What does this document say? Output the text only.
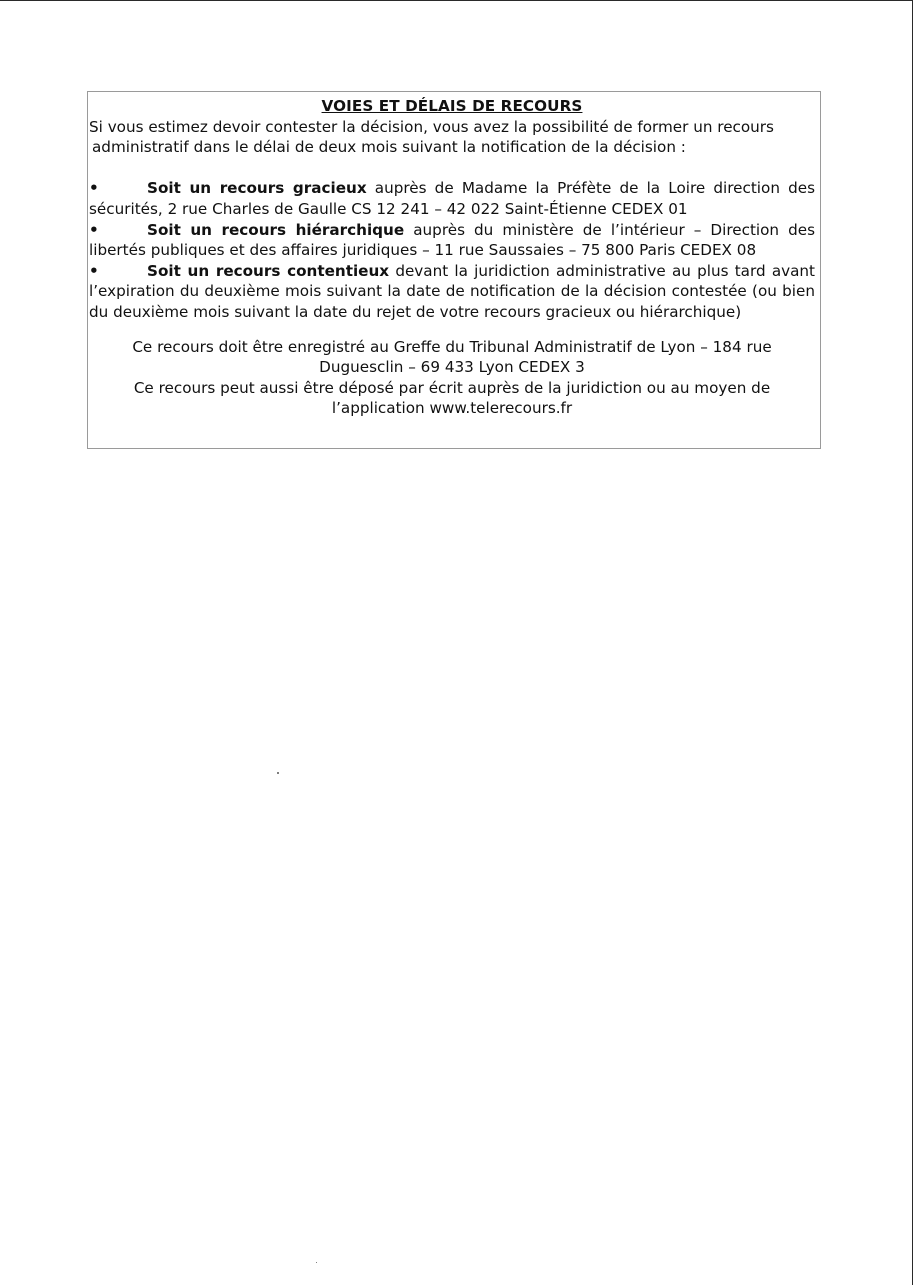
VOIES ET DÉLAIS DE RECOURS

Si vous estimez devoir contester la décision, vous avez la possibilité de former un recours
administratif dans le délai de deux mois suivant la notification de la décision :

•	Soit un recours gracieux auprès de Madame la Préfète de la Loire direction des sécurités, 2 rue Charles de Gaulle CS 12 241 – 42 022 Saint-Étienne CEDEX 01

•	Soit un recours hiérarchique auprès du ministère de l’intérieur – Direction des libertés publiques et des affaires juridiques – 11 rue Saussaies – 75 800 Paris CEDEX 08

•	Soit un recours contentieux devant la juridiction administrative au plus tard avant l’expiration du deuxième mois suivant la date de notification de la décision contestée (ou bien du deuxième mois suivant la date du rejet de votre recours gracieux ou hiérarchique)

Ce recours doit être enregistré au Greffe du Tribunal Administratif de Lyon – 184 rue
Duguesclin – 69 433 Lyon CEDEX 3
Ce recours peut aussi être déposé par écrit auprès de la juridiction ou au moyen de
l’application www.telerecours.fr
